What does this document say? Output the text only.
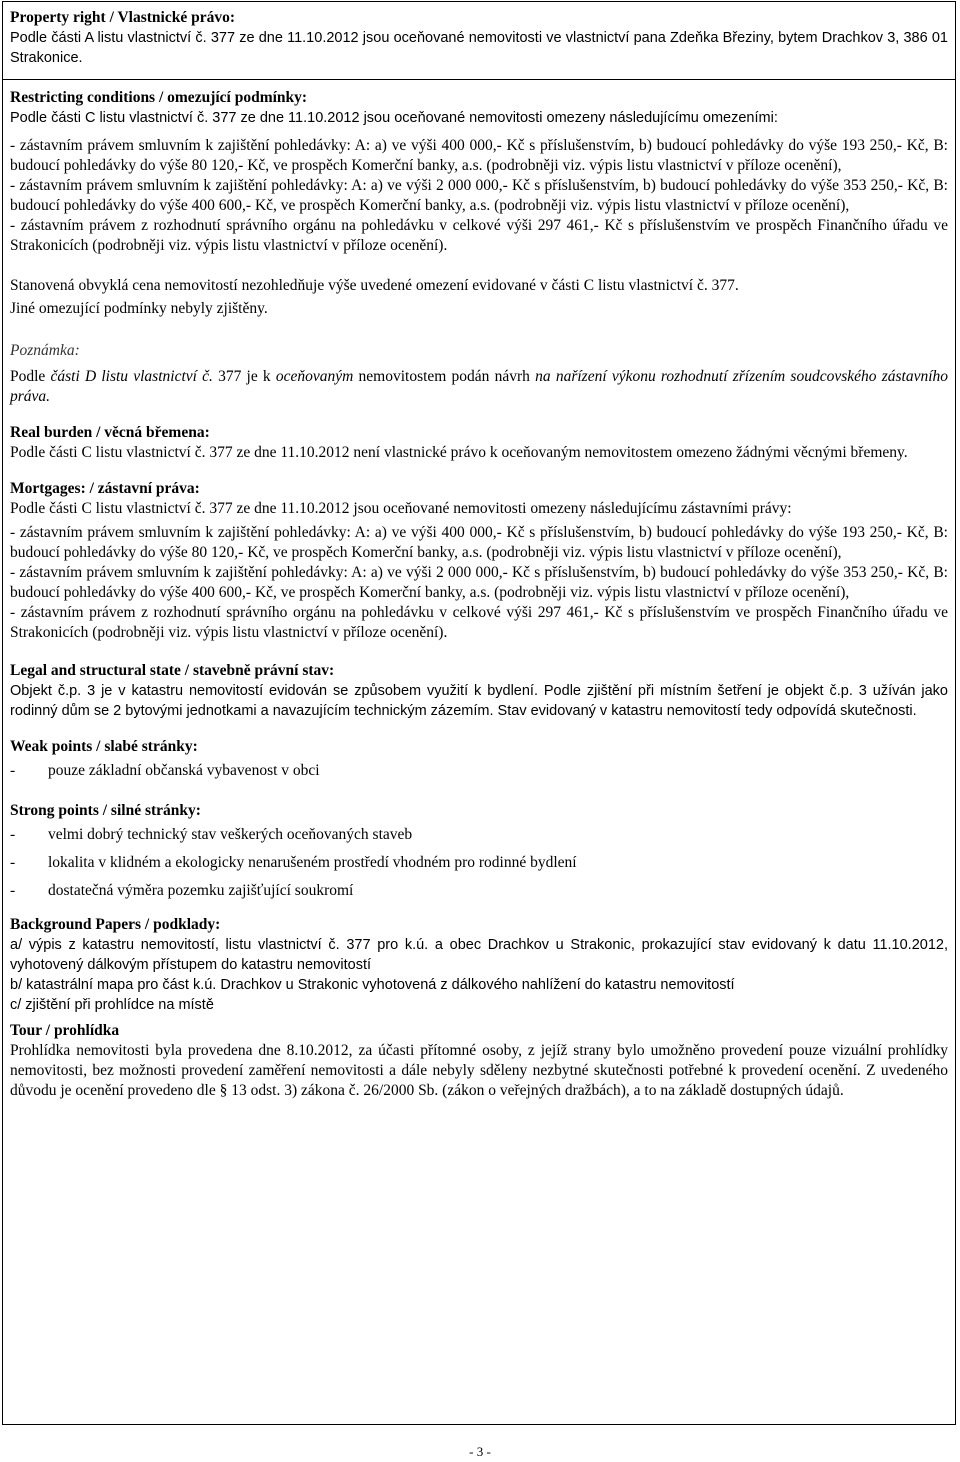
Property right / Vlastnické právo:

Podle části A listu vlastnictví č. 377 ze dne 11.10.2012 jsou oceňované nemovitosti ve vlastnictví pana Zdeňka Březiny, bytem Drachkov 3, 386 01 Strakonice.

Restricting conditions / omezující podmínky:

Podle části C listu vlastnictví č. 377 ze dne 11.10.2012 jsou oceňované nemovitosti omezeny následujícímu omezeními:

- zástavním právem smluvním k zajištění pohledávky: A: a) ve výši 400 000,- Kč s příslušenstvím, b) budoucí pohledávky do výše 193 250,- Kč, B: budoucí pohledávky do výše 80 120,- Kč, ve prospěch Komerční banky, a.s. (podrobněji viz. výpis listu vlastnictví v příloze ocenění),

- zástavním právem smluvním k zajištění pohledávky: A: a) ve výši 2 000 000,- Kč s příslušenstvím, b) budoucí pohledávky do výše 353 250,- Kč, B: budoucí pohledávky do výše 400 600,- Kč, ve prospěch Komerční banky, a.s. (podrobněji viz. výpis listu vlastnictví v příloze ocenění),

- zástavním právem z rozhodnutí správního orgánu na pohledávku v celkové výši 297 461,- Kč s příslušenstvím ve prospěch Finančního úřadu ve Strakonicích (podrobněji viz. výpis listu vlastnictví v příloze ocenění).

Stanovená obvyklá cena nemovitostí nezohledňuje výše uvedené omezení evidované v části C listu vlastnictví č. 377.

Jiné omezující podmínky nebyly zjištěny.

Poznámka:

Podle části D listu vlastnictví č. 377 je k oceňovaným nemovitostem podán návrh na nařízení výkonu rozhodnutí zřízením soudcovského zástavního práva.

Real burden / věcná břemena:

Podle části C listu vlastnictví č. 377 ze dne 11.10.2012 není vlastnické právo k oceňovaným nemovitostem omezeno žádnými věcnými břemeny.

Mortgages: / zástavní práva:

Podle části C listu vlastnictví č. 377 ze dne 11.10.2012 jsou oceňované nemovitosti omezeny následujícímu zástavními právy:

- zástavním právem smluvním k zajištění pohledávky: A: a) ve výši 400 000,- Kč s příslušenstvím, b) budoucí pohledávky do výše 193 250,- Kč, B: budoucí pohledávky do výše 80 120,- Kč, ve prospěch Komerční banky, a.s. (podrobněji viz. výpis listu vlastnictví v příloze ocenění),

- zástavním právem smluvním k zajištění pohledávky: A: a) ve výši 2 000 000,- Kč s příslušenstvím, b) budoucí pohledávky do výše 353 250,- Kč, B: budoucí pohledávky do výše 400 600,- Kč, ve prospěch Komerční banky, a.s. (podrobněji viz. výpis listu vlastnictví v příloze ocenění),

- zástavním právem z rozhodnutí správního orgánu na pohledávku v celkové výši 297 461,- Kč s příslušenstvím ve prospěch Finančního úřadu ve Strakonicích (podrobněji viz. výpis listu vlastnictví v příloze ocenění).

Legal and structural state / stavebně právní stav:

Objekt č.p. 3 je v katastru nemovitostí evidován se způsobem využití k bydlení. Podle zjištění při místním šetření je objekt č.p. 3 užíván jako rodinný dům se 2 bytovými jednotkami a navazujícím technickým zázemím. Stav evidovaný v katastru nemovitostí tedy odpovídá skutečnosti.

Weak points / slabé stránky:
-	pouze základní občanská vybavenost v obci
Strong points / silné stránky:
-	velmi dobrý technický stav veškerých oceňovaných staveb
-	lokalita v klidném a ekologicky nenarušeném prostředí vhodném pro rodinné bydlení
-	dostatečná výměra pozemku zajišťující soukromí
Background Papers / podklady:

a/ výpis z katastru nemovitostí, listu vlastnictví č. 377 pro k.ú. a obec Drachkov u Strakonic, prokazující stav evidovaný k datu 11.10.2012, vyhotovený dálkovým přístupem do katastru nemovitostí

b/ katastrální mapa pro část k.ú. Drachkov u Strakonic vyhotovená z dálkového nahlížení do katastru nemovitostí

c/ zjištění při prohlídce na místě

Tour / prohlídka

Prohlídka nemovitosti byla provedena dne 8.10.2012, za účasti přítomné osoby, z jejíž strany bylo umožněno provedení pouze vizuální prohlídky nemovitosti, bez možnosti provedení zaměření nemovitosti a dále nebyly sděleny nezbytné skutečnosti potřebné k provedení ocenění. Z uvedeného důvodu je ocenění provedeno dle § 13 odst. 3) zákona č. 26/2000 Sb. (zákon o veřejných dražbách), a to na základě dostupných údajů.

- 3 -
